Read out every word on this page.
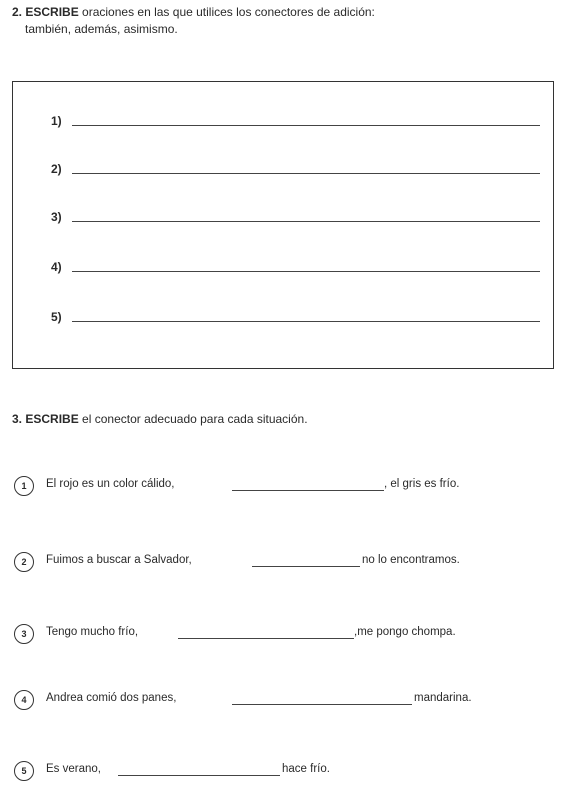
2. ESCRIBE oraciones en las que utilices los conectores de adición:
también, además, asimismo.
1)
2)
3)
4)
5)
3. ESCRIBE el conector adecuado para cada situación.
1	El rojo es un color cálido,	, el gris es frío.
2	Fuimos a buscar a Salvador,	no lo encontramos.
3	Tengo mucho frío,	,me pongo chompa.
4	Andrea comió dos panes,	mandarina.
5	Es verano,	hace frío.
